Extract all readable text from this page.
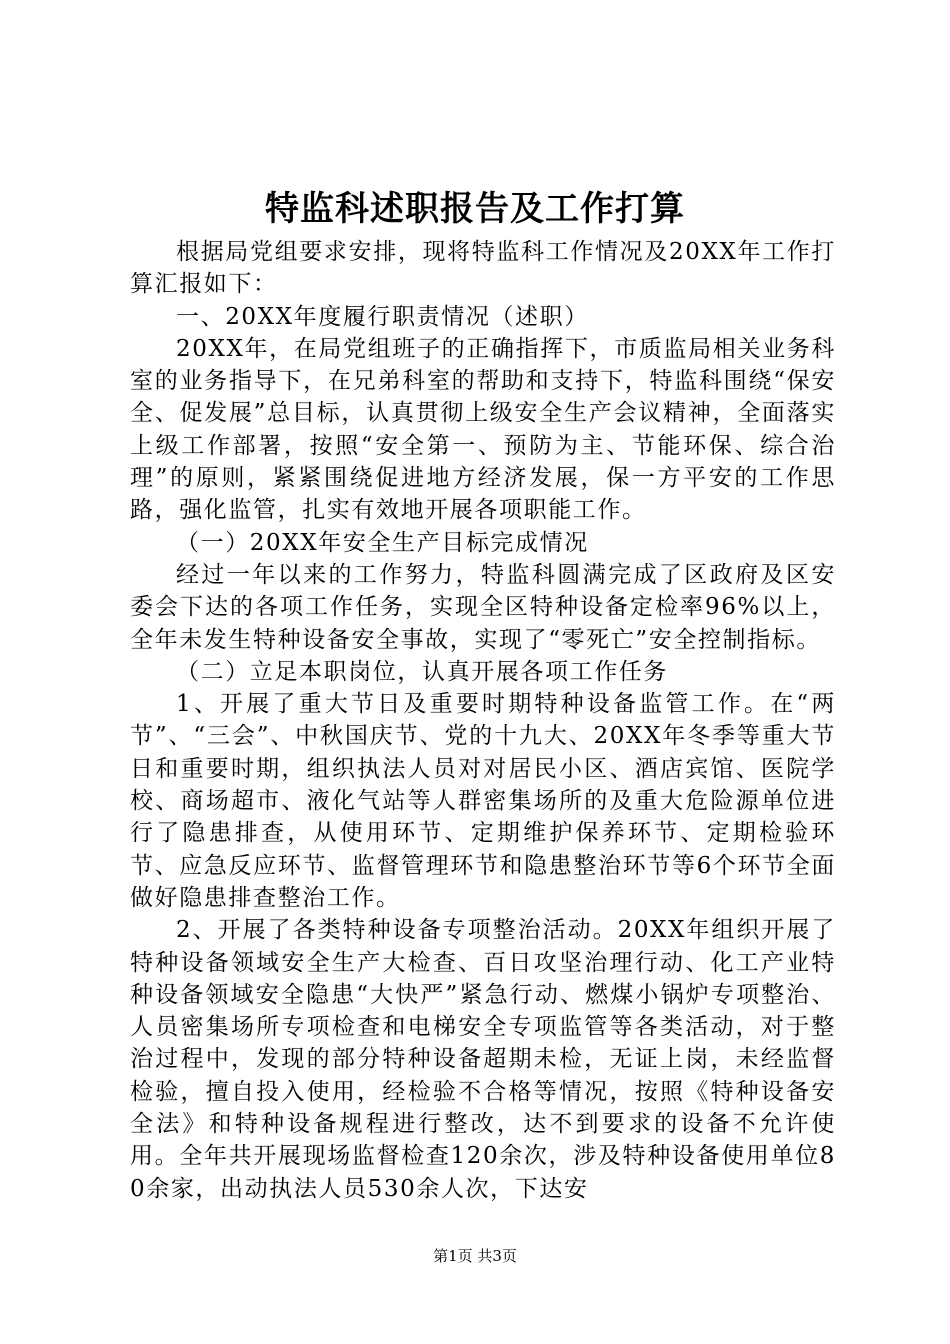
特监科述职报告及工作打算

根据局党组要求安排，现将特监科工作情况及20XX年工作打算汇报如下：

一、20XX年度履行职责情况（述职）

20XX年，在局党组班子的正确指挥下，市质监局相关业务科室的业务指导下，在兄弟科室的帮助和支持下，特监科围绕“保安全、促发展”总目标，认真贯彻上级安全生产会议精神，全面落实上级工作部署，按照“安全第一、预防为主、节能环保、综合治理”的原则，紧紧围绕促进地方经济发展，保一方平安的工作思路，强化监管，扎实有效地开展各项职能工作。

（一）20XX年安全生产目标完成情况

经过一年以来的工作努力，特监科圆满完成了区政府及区安委会下达的各项工作任务，实现全区特种设备定检率96%以上，全年未发生特种设备安全事故，实现了“零死亡”安全控制指标。

（二）立足本职岗位，认真开展各项工作任务

1、开展了重大节日及重要时期特种设备监管工作。在“两节”、“三会”、中秋国庆节、党的十九大、20XX年冬季等重大节日和重要时期，组织执法人员对对居民小区、酒店宾馆、医院学校、商场超市、液化气站等人群密集场所的及重大危险源单位进行了隐患排查，从使用环节、定期维护保养环节、定期检验环节、应急反应环节、监督管理环节和隐患整治环节等6个环节全面做好隐患排查整治工作。

2、开展了各类特种设备专项整治活动。20XX年组织开展了特种设备领域安全生产大检查、百日攻坚治理行动、化工产业特种设备领域安全隐患“大快严”紧急行动、燃煤小锅炉专项整治、人员密集场所专项检查和电梯安全专项监管等各类活动，对于整治过程中，发现的部分特种设备超期未检，无证上岗，未经监督检验，擅自投入使用，经检验不合格等情况，按照《特种设备安全法》和特种设备规程进行整改，达不到要求的设备不允许使用。全年共开展现场监督检查120余次，涉及特种设备使用单位80余家，出动执法人员530余人次，下达安

第1页 共3页
